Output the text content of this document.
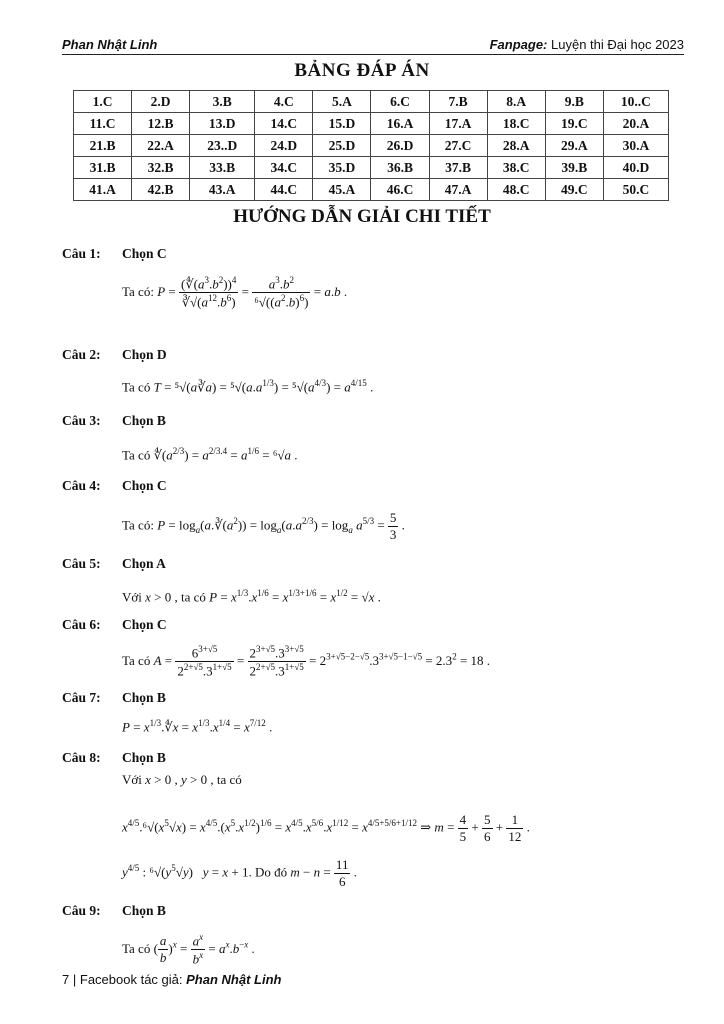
Phan Nhật Linh	Fanpage: Luyện thi Đại học 2023
BẢNG ĐÁP ÁN
1.C	2.D	3.B	4.C	5.A	6.C	7.B	8.A	9.B	10..C
11.C	12.B	13.D	14.C	15.D	16.A	17.A	18.C	19.C	20.A
21.B	22.A	23..D	24.D	25.D	26.D	27.C	28.A	29.A	30.A
31.B	32.B	33.B	34.C	35.D	36.B	37.B	38.C	39.B	40.D
41.A	42.B	43.A	44.C	45.A	46.C	47.A	48.C	49.C	50.C
HƯỚNG DẪN GIẢI CHI TIẾT
Câu 1: Chọn C
Ta có: $P = \frac{(∜(a^3.b^2))^4}{∛√(a^{12}.b^6)} = \frac{a^3.b^2}{^6√((a^2.b)^6)} = a.b$ .
Câu 2: Chọn D
Ta có T = ⁵√(a∛a) = $^5√(a.a^{1/3}) = ^5√(a^{4/3}) = a^{4/15}$ .
Câu 3: Chọn B
Ta có $∜(a^{2/3}) = a^{2/3.4} = a^{1/6} = ^6√a$ .
Câu 4: Chọn C
Ta có: $P = \log_a(a.∛(a^2)) = \log_a(a.a^{2/3}) = \log_a a^{5/3} = \frac{5}{3}$ .
Câu 5: Chọn A
Với x > 0 , ta có $P = x^{1/3}.x^{1/6} = x^{1/3+1/6} = x^{1/2} = √x$ .
Câu 6: Chọn C
Ta có $A = \frac{6^{3+√5}}{2^{2+√5}.3^{1+√5}} = \frac{2^{3+√5}.3^{3+√5}}{2^{2+√5}.3^{1+√5}} = 2^{3+√5-2-√5}.3^{3+√5-1-√5} = 2.3^2 = 18$ .
Câu 7: Chọn B
$P = x^{1/3}.∜x = x^{1/3}.x^{1/4} = x^{7/12}$ .
Câu 8: Chọn B
Với x > 0 , y > 0 , ta có
$x^{4/5}.^6√(x^5√x) = x^{4/5}.(x^5.x^{1/2})^{1/6} = x^{4/5}.x^{5/6}.x^{1/12} = x^{4/5+5/6+1/12}$ ⇒ $m = \frac{4}{5} + \frac{5}{6} + \frac{1}{12}$ .
$y^{4/5}$ : $^6√(y^5√y) y = x + 1$. Do đó $m - n = \frac{11}{6}$ .
Câu 9: Chọn B
Ta có ( $\frac{a}{b} )^x = \frac{a^x}{b^x} = a^x.b^{-x}$ .
7 | Facebook tác giả: Phan Nhật Linh
